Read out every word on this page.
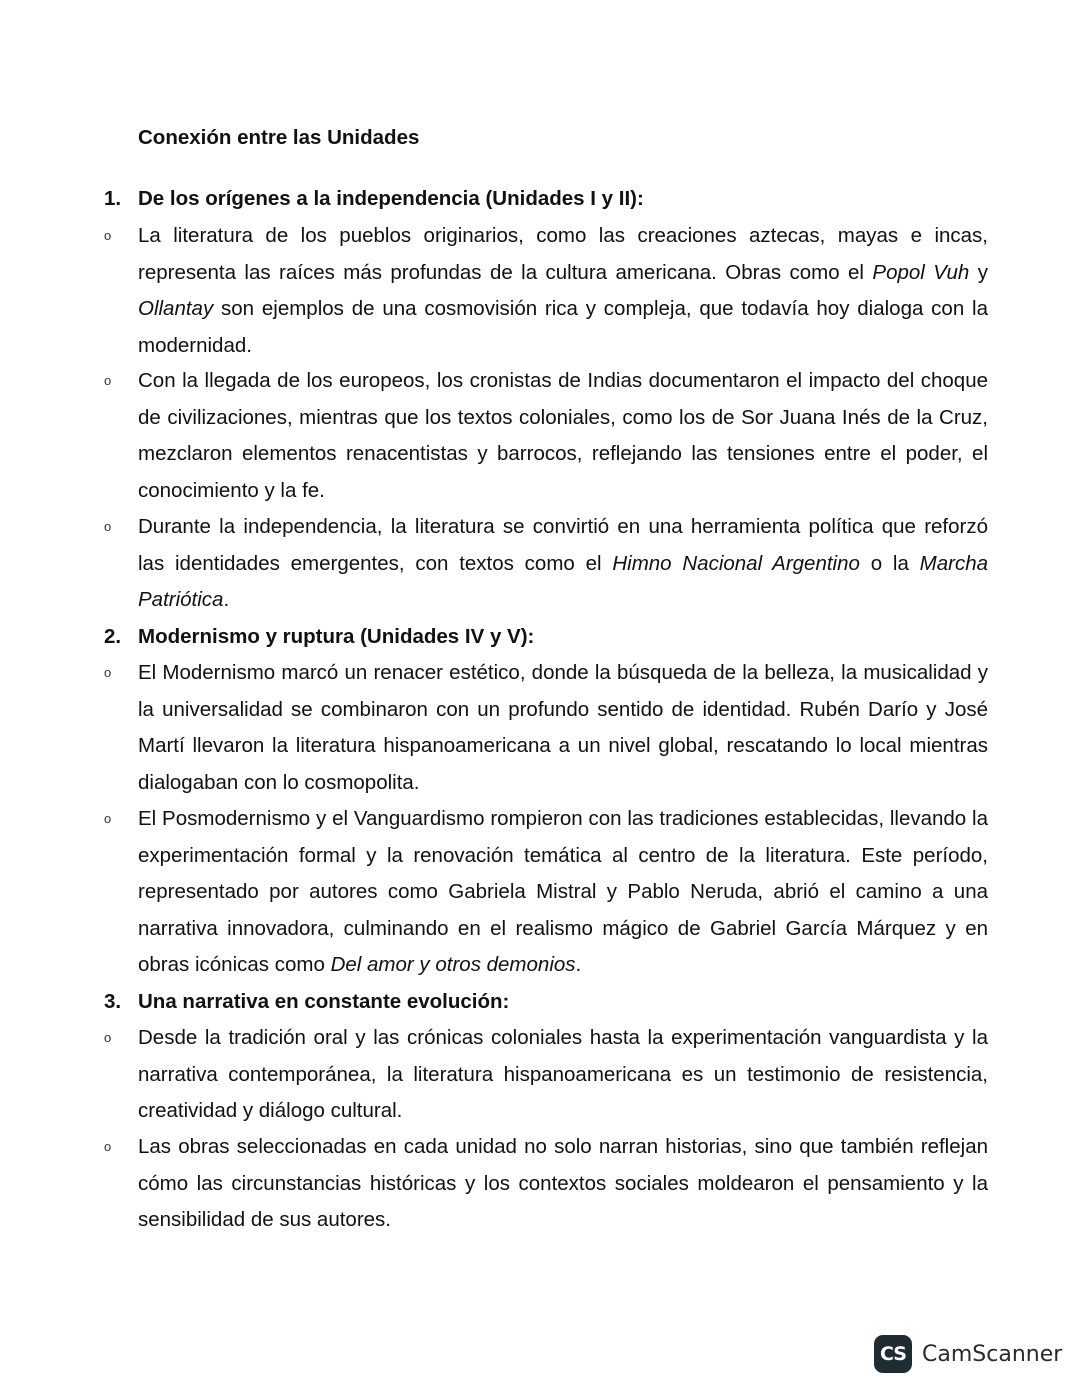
Conexión entre las Unidades
1. De los orígenes a la independencia (Unidades I y II):
o La literatura de los pueblos originarios, como las creaciones aztecas, mayas e incas, representa las raíces más profundas de la cultura americana. Obras como el Popol Vuh y Ollantay son ejemplos de una cosmovisión rica y compleja, que todavía hoy dialoga con la modernidad.
o Con la llegada de los europeos, los cronistas de Indias documentaron el impacto del choque de civilizaciones, mientras que los textos coloniales, como los de Sor Juana Inés de la Cruz, mezclaron elementos renacentistas y barrocos, reflejando las tensiones entre el poder, el conocimiento y la fe.
o Durante la independencia, la literatura se convirtió en una herramienta política que reforzó las identidades emergentes, con textos como el Himno Nacional Argentino o la Marcha Patriótica.
2. Modernismo y ruptura (Unidades IV y V):
o El Modernismo marcó un renacer estético, donde la búsqueda de la belleza, la musicalidad y la universalidad se combinaron con un profundo sentido de identidad. Rubén Darío y José Martí llevaron la literatura hispanoamericana a un nivel global, rescatando lo local mientras dialogaban con lo cosmopolita.
o El Posmodernismo y el Vanguardismo rompieron con las tradiciones establecidas, llevando la experimentación formal y la renovación temática al centro de la literatura. Este período, representado por autores como Gabriela Mistral y Pablo Neruda, abrió el camino a una narrativa innovadora, culminando en el realismo mágico de Gabriel García Márquez y en obras icónicas como Del amor y otros demonios.
3. Una narrativa en constante evolución:
o Desde la tradición oral y las crónicas coloniales hasta la experimentación vanguardista y la narrativa contemporánea, la literatura hispanoamericana es un testimonio de resistencia, creatividad y diálogo cultural.
o Las obras seleccionadas en cada unidad no solo narran historias, sino que también reflejan cómo las circunstancias históricas y los contextos sociales moldearon el pensamiento y la sensibilidad de sus autores.
CS CamScanner
